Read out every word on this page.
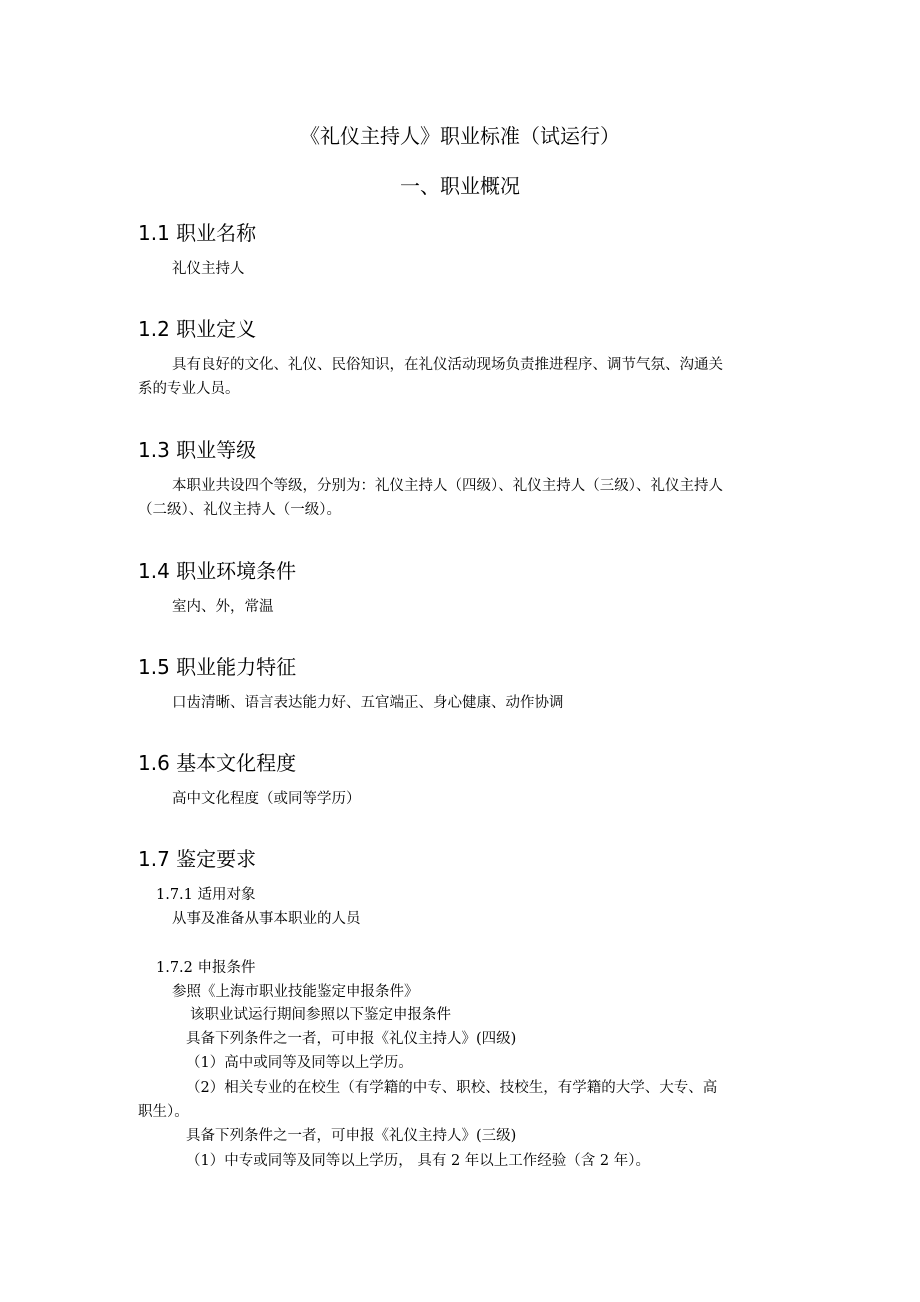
《礼仪主持人》职业标准（试运行）
一、职业概况
1.1 职业名称
礼仪主持人
1.2 职业定义
具有良好的文化、礼仪、民俗知识，在礼仪活动现场负责推进程序、调节气氛、沟通关
系的专业人员。
1.3 职业等级
本职业共设四个等级，分别为：礼仪主持人（四级）、礼仪主持人（三级）、礼仪主持人
（二级）、礼仪主持人（一级）。
1.4 职业环境条件
室内、外，常温
1.5 职业能力特征
口齿清晰、语言表达能力好、五官端正、身心健康、动作协调
1.6 基本文化程度
高中文化程度（或同等学历）
1.7 鉴定要求
1.7.1 适用对象
从事及准备从事本职业的人员
1.7.2 申报条件
参照《上海市职业技能鉴定申报条件》
该职业试运行期间参照以下鉴定申报条件
具备下列条件之一者，可申报《礼仪主持人》(四级)
（1）高中或同等及同等以上学历。
（2）相关专业的在校生（有学籍的中专、职校、技校生，有学籍的大学、大专、高
职生）。
具备下列条件之一者，可申报《礼仪主持人》(三级)
（1）中专或同等及同等以上学历， 具有 2 年以上工作经验（含 2 年）。
